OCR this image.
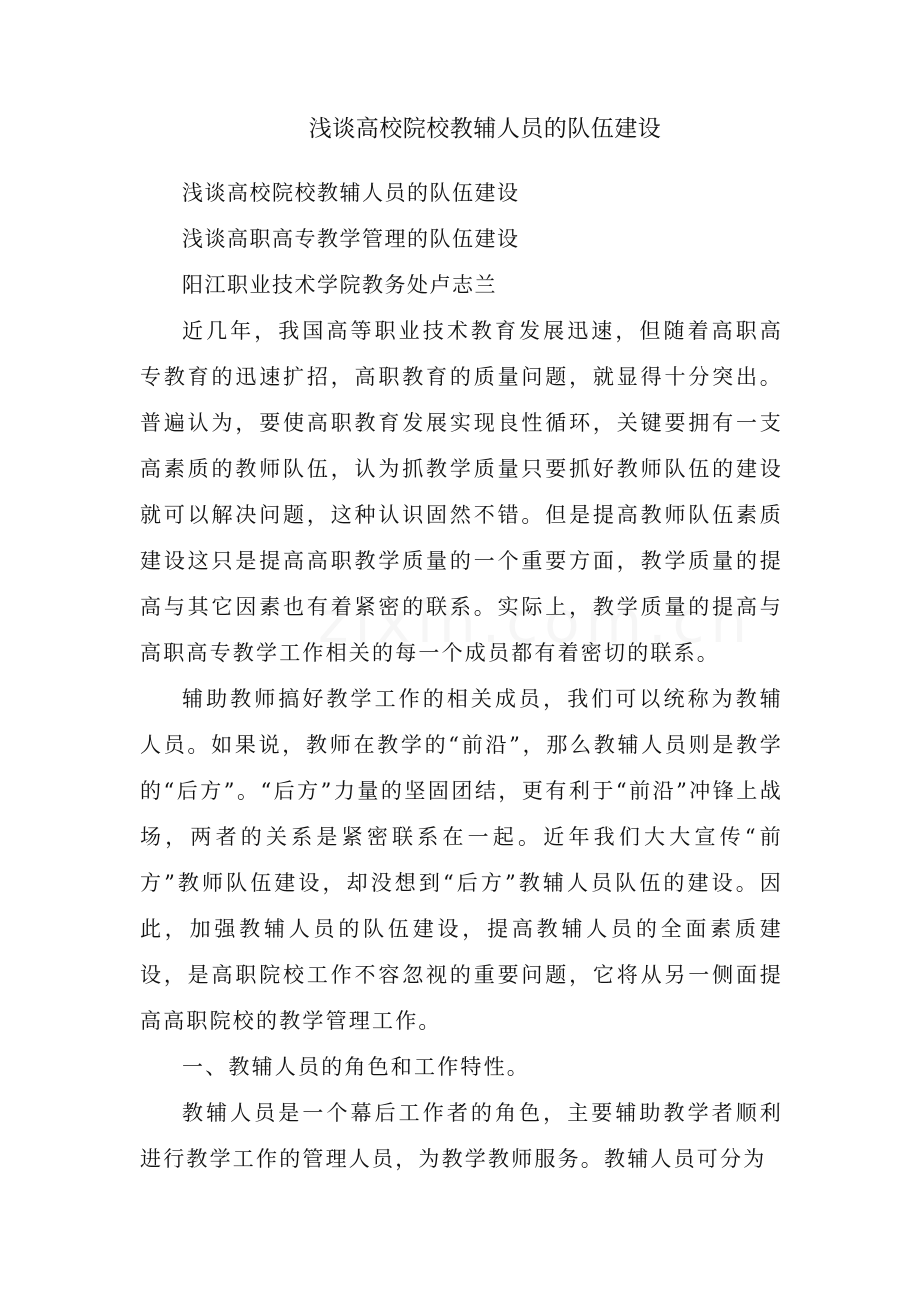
浅谈高校院校教辅人员的队伍建设

浅谈高校院校教辅人员的队伍建设

浅谈高职高专教学管理的队伍建设

阳江职业技术学院教务处卢志兰

近几年，我国高等职业技术教育发展迅速，但随着高职高专教育的迅速扩招，高职教育的质量问题，就显得十分突出。普遍认为，要使高职教育发展实现良性循环，关键要拥有一支高素质的教师队伍，认为抓教学质量只要抓好教师队伍的建设就可以解决问题，这种认识固然不错。但是提高教师队伍素质建设这只是提高高职教学质量的一个重要方面，教学质量的提高与其它因素也有着紧密的联系。实际上，教学质量的提高与高职高专教学工作相关的每一个成员都有着密切的联系。

辅助教师搞好教学工作的相关成员，我们可以统称为教辅人员。如果说，教师在教学的“前沿”，那么教辅人员则是教学的“后方”。“后方”力量的坚固团结，更有利于“前沿”冲锋上战场，两者的关系是紧密联系在一起。近年我们大大宣传“前方”教师队伍建设，却没想到“后方”教辅人员队伍的建设。因此，加强教辅人员的队伍建设，提高教辅人员的全面素质建设，是高职院校工作不容忽视的重要问题，它将从另一侧面提高高职院校的教学管理工作。

一、教辅人员的角色和工作特性。

教辅人员是一个幕后工作者的角色，主要辅助教学者顺利进行教学工作的管理人员，为教学教师服务。教辅人员可分为
